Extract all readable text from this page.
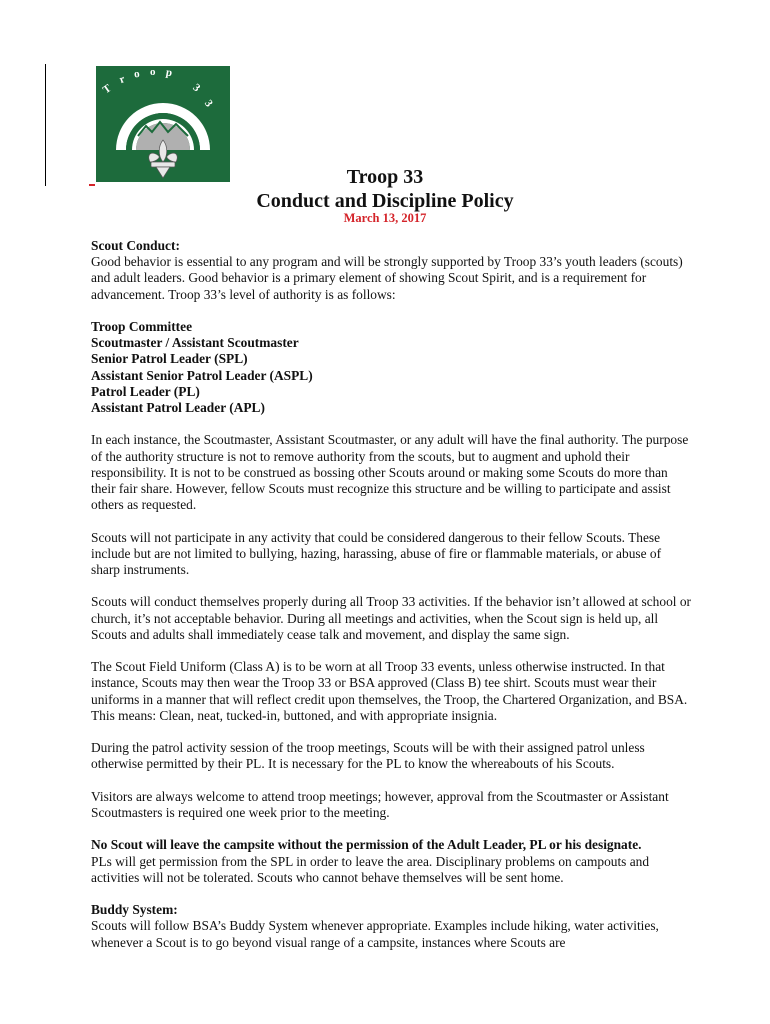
T
r o o p
3
3
Troop 33
Conduct and Discipline Policy
March 13, 2017
Scout Conduct:

Good behavior is essential to any program and will be strongly supported by Troop 33’s youth leaders (scouts) and adult leaders. Good behavior is a primary element of showing Scout Spirit, and is a requirement for advancement. Troop 33’s level of authority is as follows:

Troop Committee
Scoutmaster / Assistant Scoutmaster
Senior Patrol Leader (SPL)
Assistant Senior Patrol Leader (ASPL)
Patrol Leader (PL)
Assistant Patrol Leader (APL)

In each instance, the Scoutmaster, Assistant Scoutmaster, or any adult will have the final authority. The purpose of the authority structure is not to remove authority from the scouts, but to augment and uphold their responsibility. It is not to be construed as bossing other Scouts around or making some Scouts do more than their fair share. However, fellow Scouts must recognize this structure and be willing to participate and assist others as requested.

Scouts will not participate in any activity that could be considered dangerous to their fellow Scouts. These include but are not limited to bullying, hazing, harassing, abuse of fire or flammable materials, or abuse of sharp instruments.

Scouts will conduct themselves properly during all Troop 33 activities. If the behavior isn’t allowed at school or church, it’s not acceptable behavior. During all meetings and activities, when the Scout sign is held up, all Scouts and adults shall immediately cease talk and movement, and display the same sign.

The Scout Field Uniform (Class A) is to be worn at all Troop 33 events, unless otherwise instructed. In that instance, Scouts may then wear the Troop 33 or BSA approved (Class B) tee shirt. Scouts must wear their uniforms in a manner that will reflect credit upon themselves, the Troop, the Chartered Organization, and BSA. This means: Clean, neat, tucked-in, buttoned, and with appropriate insignia.

During the patrol activity session of the troop meetings, Scouts will be with their assigned patrol unless otherwise permitted by their PL. It is necessary for the PL to know the whereabouts of his Scouts.

Visitors are always welcome to attend troop meetings; however, approval from the Scoutmaster or Assistant Scoutmasters is required one week prior to the meeting.

No Scout will leave the campsite without the permission of the Adult Leader, PL or his designate.
PLs will get permission from the SPL in order to leave the area. Disciplinary problems on campouts and activities will not be tolerated. Scouts who cannot behave themselves will be sent home.

Buddy System:
Scouts will follow BSA’s Buddy System whenever appropriate. Examples include hiking, water activities, whenever a Scout is to go beyond visual range of a campsite, instances where Scouts are
